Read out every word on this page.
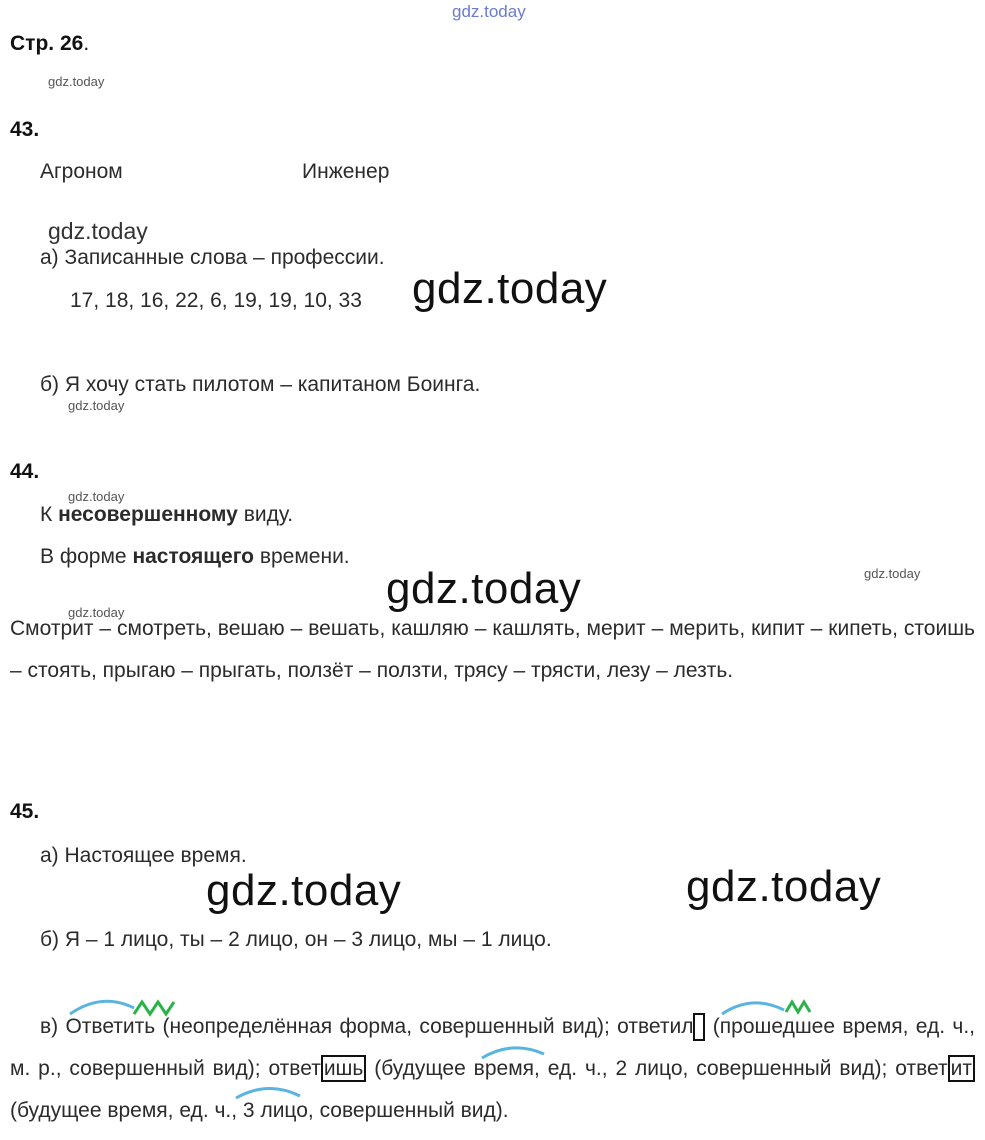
gdz.today
Стр. 26.
gdz.today
43.
Агроном	Инженер
gdz.today
а) Записанные слова – профессии.
17, 18, 16, 22, 6, 19, 19, 10, 33 gdz.today
б) Я хочу стать пилотом – капитаном Боинга.
gdz.today
44.
gdz.today
К несовершенному виду.
В форме настоящего времени.
gdz.today	gdz.today
gdz.today
Смотрит – смотреть, вешаю – вешать, кашляю – кашлять, мерит – мерить, кипит – кипеть, стоишь – стоять, прыгаю – прыгать, ползёт – ползти, трясу – трясти, лезу – лезть.
45.
а) Настоящее время.
gdz.today	gdz.today
б) Я – 1 лицо, ты – 2 лицо, он – 3 лицо, мы – 1 лицо.
в) Ответить (неопределённая форма, совершенный вид); ответил (прошедшее время, ед. ч., м. р., совершенный вид); ответ ишь (будущее время, ед. ч., 2 лицо, совершенный вид); ответ ит (будущее время, ед. ч., 3 лицо, совершенный вид).
